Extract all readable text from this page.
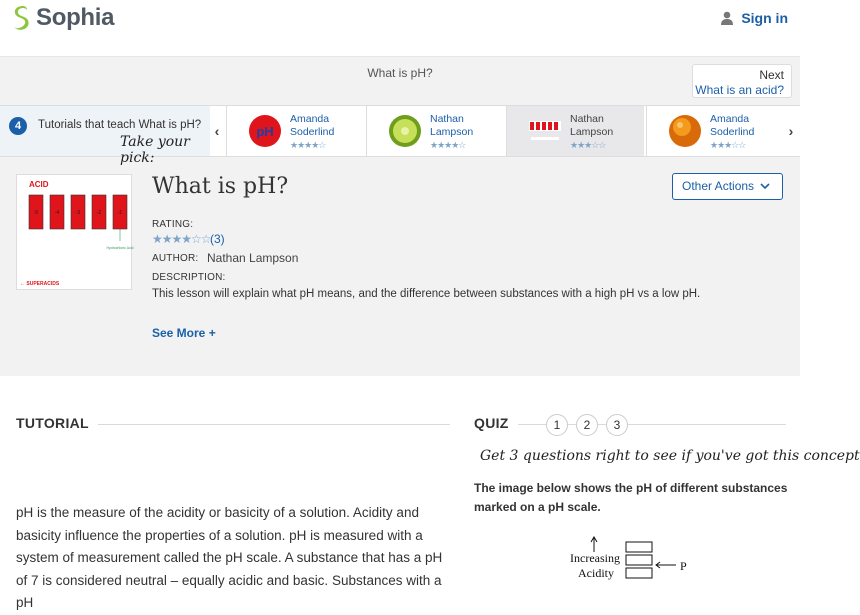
Sophia	Sign in
What is pH?	Next
What is an acid?
4	Tutorials that teach What is pH?
Take your pick:
‹	pH
Amanda
Soderlind
★★★★☆
Nathan
Lampson
★★★★☆
Nathan
Lampson
★★★☆☆
Amanda
Soderlind
★★★☆☆
›
ACID
-5	-4	-3	-2	-1
Hydrochloric Acid
← SUPERACIDS
What is pH?	Other Actions
RATING:
★★★★☆☆ (3)
AUTHOR: Nathan Lampson
DESCRIPTION:
This lesson will explain what pH means, and the difference between substances with a high pH vs a low pH.
See More +
TUTORIAL
pH is the measure of the acidity or basicity of a solution. Acidity and basicity influence the properties of a solution. pH is measured with a system of measurement called the pH scale. A substance that has a pH of 7 is considered neutral – equally acidic and basic. Substances with a pH
QUIZ	1	2	3
Get 3 questions right to see if you've got this concept
The image below shows the pH of different substances marked on a pH scale.
Increasing
Acidity	P
